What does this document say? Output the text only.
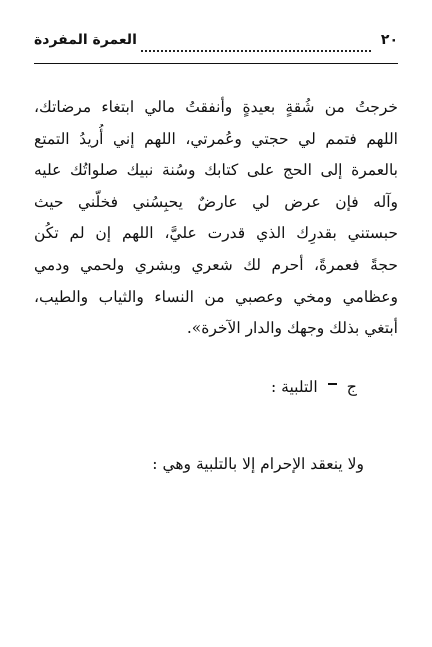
٢٠
العمرة المفردة
خرجتُ من شُقةٍ بعيدةٍ وأنفقتُ مالي ابتغاء مرضاتك،
اللهم فتمم لي حجتي وعُمرتي، اللهم إني أُريدُ التمتع
بالعمرة إلى الحج على كتابك وسُنة نبيك صلواتُك عليه
وآله فإن عرض لي عارضٌ يحبِسُني فخلّني حيث
حبستني بقدرِك الذي قدرت عليَّ، اللهم إن لم تكُن
حجةً فعمرةً، أحرم لك شعري وبشري ولحمي ودمي
وعظامي ومخي وعصبي من النساء والثياب والطيب،
أبتغي بذلك وجهك والدار الآخرة».
ج
التلبية :
ولا ينعقد الإحرام إلا بالتلبية وهي :
